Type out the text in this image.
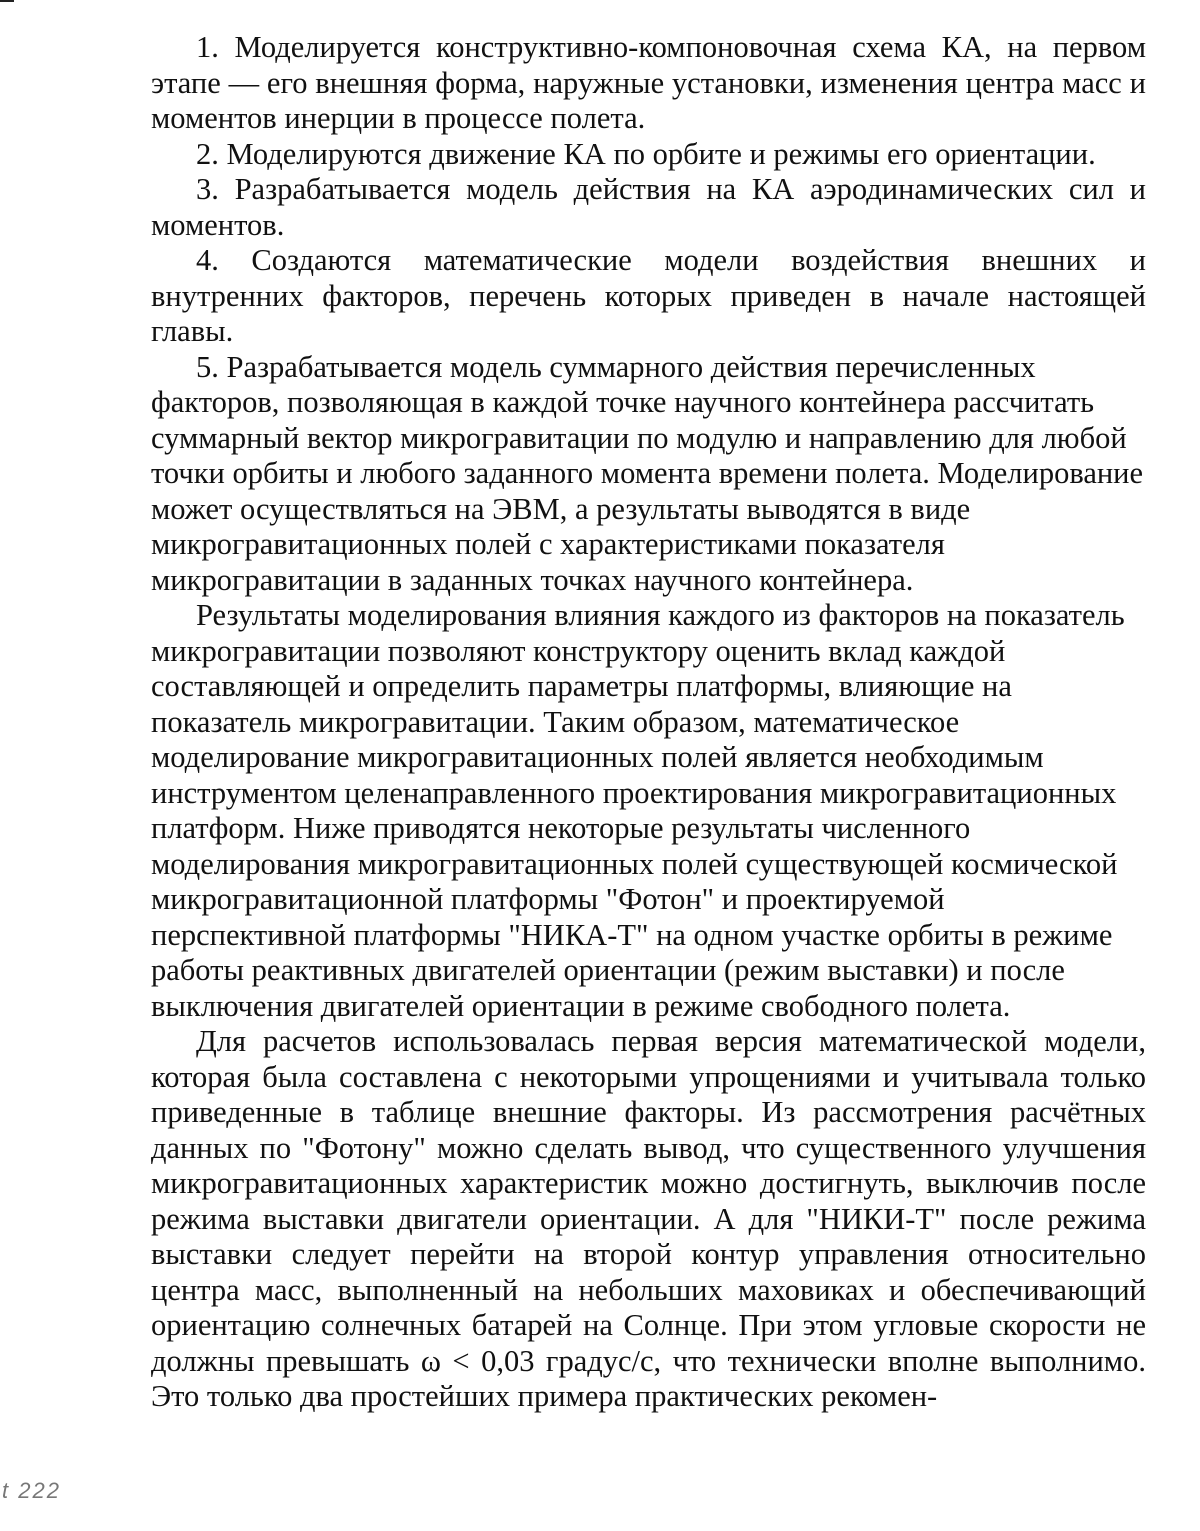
1. Моделируется конструктивно-компоновочная схема КА, на первом этапе — его внешняя форма, наружные установки, изменения центра масс и моментов инерции в процессе полета.

2. Моделируются движение КА по орбите и режимы его ориентации.

3. Разрабатывается модель действия на КА аэродинамических сил и моментов.

4. Создаются математические модели воздействия внешних и внутренних факторов, перечень которых приведен в начале настоящей главы.

5. Разрабатывается модель суммарного действия перечисленных факторов, позволяющая в каждой точке научного контейнера рассчитать суммарный вектор микрогравитации по модулю и направлению для любой точки орбиты и любого заданного момента времени полета. Моделирование может осуществляться на ЭВМ, а результаты выводятся в виде микрогравитационных полей с характеристиками показателя микрогравитации в заданных точках научного контейнера.

Результаты моделирования влияния каждого из факторов на показатель микрогравитации позволяют конструктору оценить вклад каждой составляющей и определить параметры платформы, влияющие на показатель микрогравитации. Таким образом, математическое моделирование микрогравитационных полей является необходимым инструментом целенаправленного проектирования микрогравитационных платформ. Ниже приводятся некоторые результаты численного моделирования микрогравитационных полей существующей космической микрогравитационной платформы "Фотон" и проектируемой перспективной платформы "НИКА-Т" на одном участке орбиты в режиме работы реактивных двигателей ориентации (режим выставки) и после выключения двигателей ориентации в режиме свободного полета.

Для расчетов использовалась первая версия математической модели, которая была составлена с некоторыми упрощениями и учитывала только приведенные в таблице внешние факторы. Из рассмотрения расчётных данных по "Фотону" можно сделать вывод, что существенного улучшения микрогравитационных характеристик можно достигнуть, выключив после режима выставки двигатели ориентации. А для "НИКИ-Т" после режима выставки следует перейти на второй контур управления относительно центра масс, выполненный на небольших маховиках и обеспечивающий ориентацию солнечных батарей на Солнце. При этом угловые скорости не должны превышать ω < 0,03 градус/с, что технически вполне выполнимо. Это только два простейших примера практических рекомен-

t 222
